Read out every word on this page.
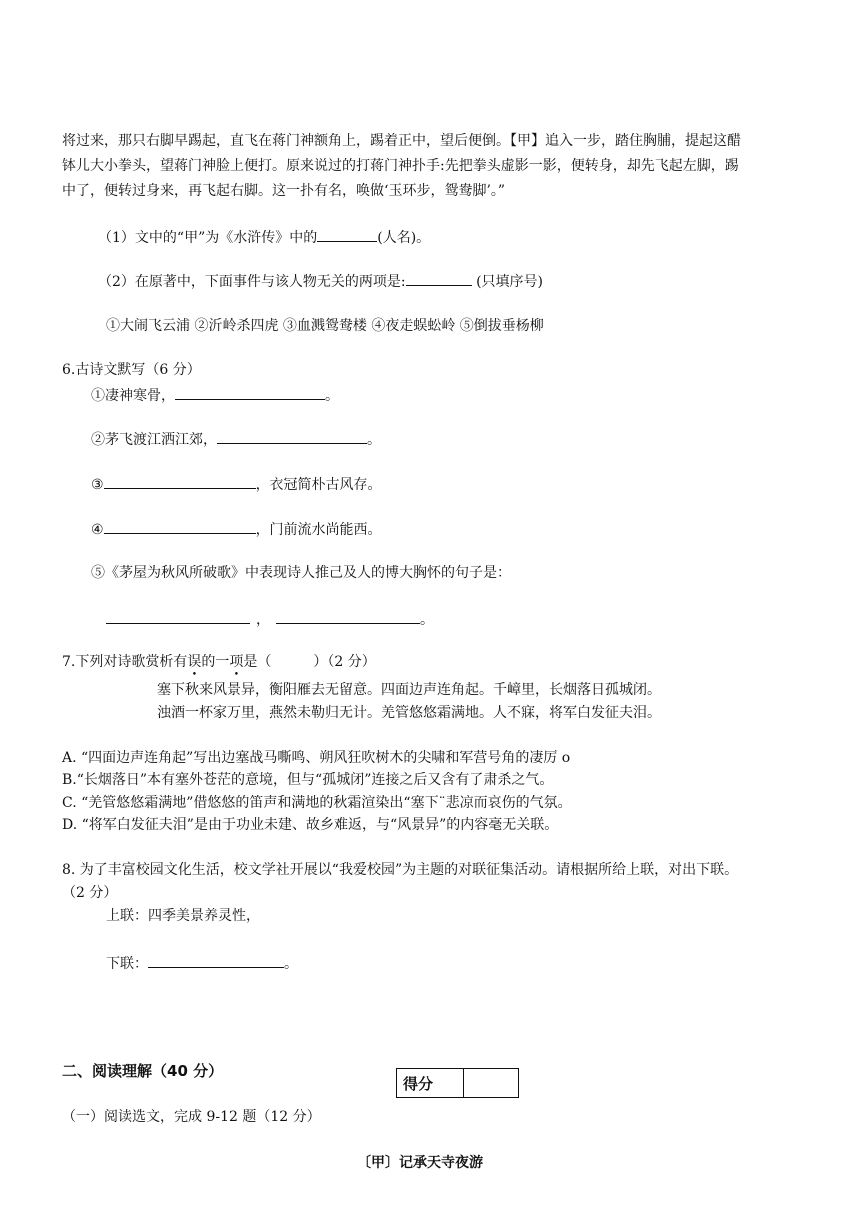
将过来，那只右脚早踢起，直飞在蒋门神额角上，踢着正中，望后便倒。【甲】追入一步，踏住胸脯，提起这醋
钵儿大小拳头，望蒋门神脸上便打。原来说过的打蒋门神扑手:先把拳头虚影一影，便转身，却先飞起左脚，踢
中了，便转过身来，再飞起右脚。这一扑有名，唤做‘玉环步，鸳鸯脚’。”
（1）文中的“甲”为《水浒传》中的	(人名)。
（2）在原著中，下面事件与该人物无关的两项是:	(只填序号)
①大闹飞云浦 ②沂岭杀四虎 ③血溅鸳鸯楼 ④夜走蜈蚣岭 ⑤倒拔垂杨柳
6.古诗文默写（6 分）
①凄神寒骨，	。
②茅飞渡江洒江郊，	。
③	，衣冠简朴古风存。
④	，门前流水尚能西。
⑤《茅屋为秋风所破歌》中表现诗人推己及人的博大胸怀的句子是：
，	。
7.下列对诗歌赏析有误
•
的一项
•
是（　　　）（2 分）
塞下秋来风景异，衡阳雁去无留意。四面边声连角起。千嶂里，长烟落日孤城闭。
浊酒一杯家万里，燕然未勒归无计。羌管悠悠霜满地。人不寐，将军白发征夫泪。
A. “四面边声连角起”写出边塞战马嘶鸣、朔风狂吹树木的尖啸和军营号角的凄厉 o
B.“长烟落日”本有塞外苍茫的意境，但与“孤城闭”连接之后又含有了肃杀之气。
C. “羌管悠悠霜满地”借悠悠的笛声和满地的秋霜渲染出“塞下¨悲凉而哀伤的气氛。
D. “将军白发征夫泪”是由于功业未建、故乡难返，与“风景异”的内容毫无关联。
8. 为了丰富校园文化生活，校文学社开展以“我爱校园”为主题的对联征集活动。请根据所给上联，对出下联。
（2 分）
上联：四季美景养灵性，
下联：	。
二、阅读理解（40 分）
得分	
（一）阅读选文，完成 9-12 题（12 分）
〔甲〕记承天寺夜游
